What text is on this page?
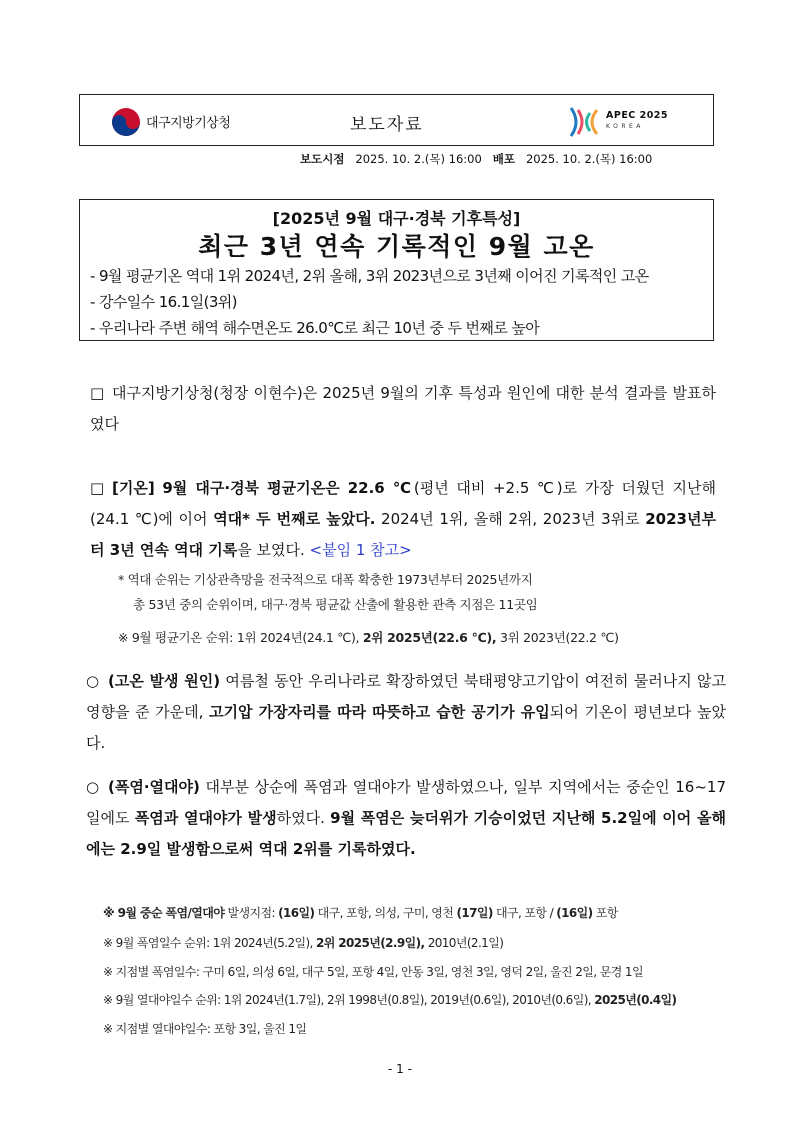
대구지방기상청	보도자료	APEC 2025
KOREA
보도시점 2025. 10. 2.(목) 16:00 배포 2025. 10. 2.(목) 16:00
[2025년 9월 대구·경북 기후특성]
최근 3년 연속 기록적인 9월 고온
- 9월 평균기온 역대 1위 2024년, 2위 올해, 3위 2023년으로 3년째 이어진 기록적인 고온
- 강수일수 16.1일(3위)
- 우리나라 주변 해역 해수면온도 26.0℃로 최근 10년 중 두 번째로 높아
□ 대구지방기상청(청장 이현수)은 2025년 9월의 기후 특성과 원인에 대한 분석 결과를 발표하였다
□ [기온] 9월 대구·경북 평균기온은 22.6 ℃(평년 대비 +2.5 ℃)로 가장 더웠던 지난해(24.1 ℃)에 이어 역대* 두 번째로 높았다. 2024년 1위, 올해 2위, 2023년 3위로 2023년부터 3년 연속 역대 기록을 보였다. <붙임 1 참고>
* 역대 순위는 기상관측망을 전국적으로 대폭 확충한 1973년부터 2025년까지
총 53년 중의 순위이며, 대구·경북 평균값 산출에 활용한 관측 지점은 11곳임
※ 9월 평균기온 순위: 1위 2024년(24.1 ℃), 2위 2025년(22.6 ℃), 3위 2023년(22.2 ℃)
○ (고온 발생 원인) 여름철 동안 우리나라로 확장하였던 북태평양고기압이 여전히 물러나지 않고 영향을 준 가운데, 고기압 가장자리를 따라 따뜻하고 습한 공기가 유입되어 기온이 평년보다 높았다.
○ (폭염·열대야) 대부분 상순에 폭염과 열대야가 발생하였으나, 일부 지역에서는 중순인 16~17일에도 폭염과 열대야가 발생하였다. 9월 폭염은 늦더위가 기승이었던 지난해 5.2일에 이어 올해에는 2.9일 발생함으로써 역대 2위를 기록하였다.
※ 9월 중순 폭염/열대야 발생지점: (16일) 대구, 포항, 의성, 구미, 영천 (17일) 대구, 포항 / (16일) 포항
※ 9월 폭염일수 순위: 1위 2024년(5.2일), 2위 2025년(2.9일), 2010년(2.1일)
※ 지점별 폭염일수: 구미 6일, 의성 6일, 대구 5일, 포항 4일, 안동 3일, 영천 3일, 영덕 2일, 울진 2일, 문경 1일
※ 9월 열대야일수 순위: 1위 2024년(1.7일), 2위 1998년(0.8일), 2019년(0.6일), 2010년(0.6일), 2025년(0.4일)
※ 지점별 열대야일수: 포항 3일, 울진 1일
- 1 -
